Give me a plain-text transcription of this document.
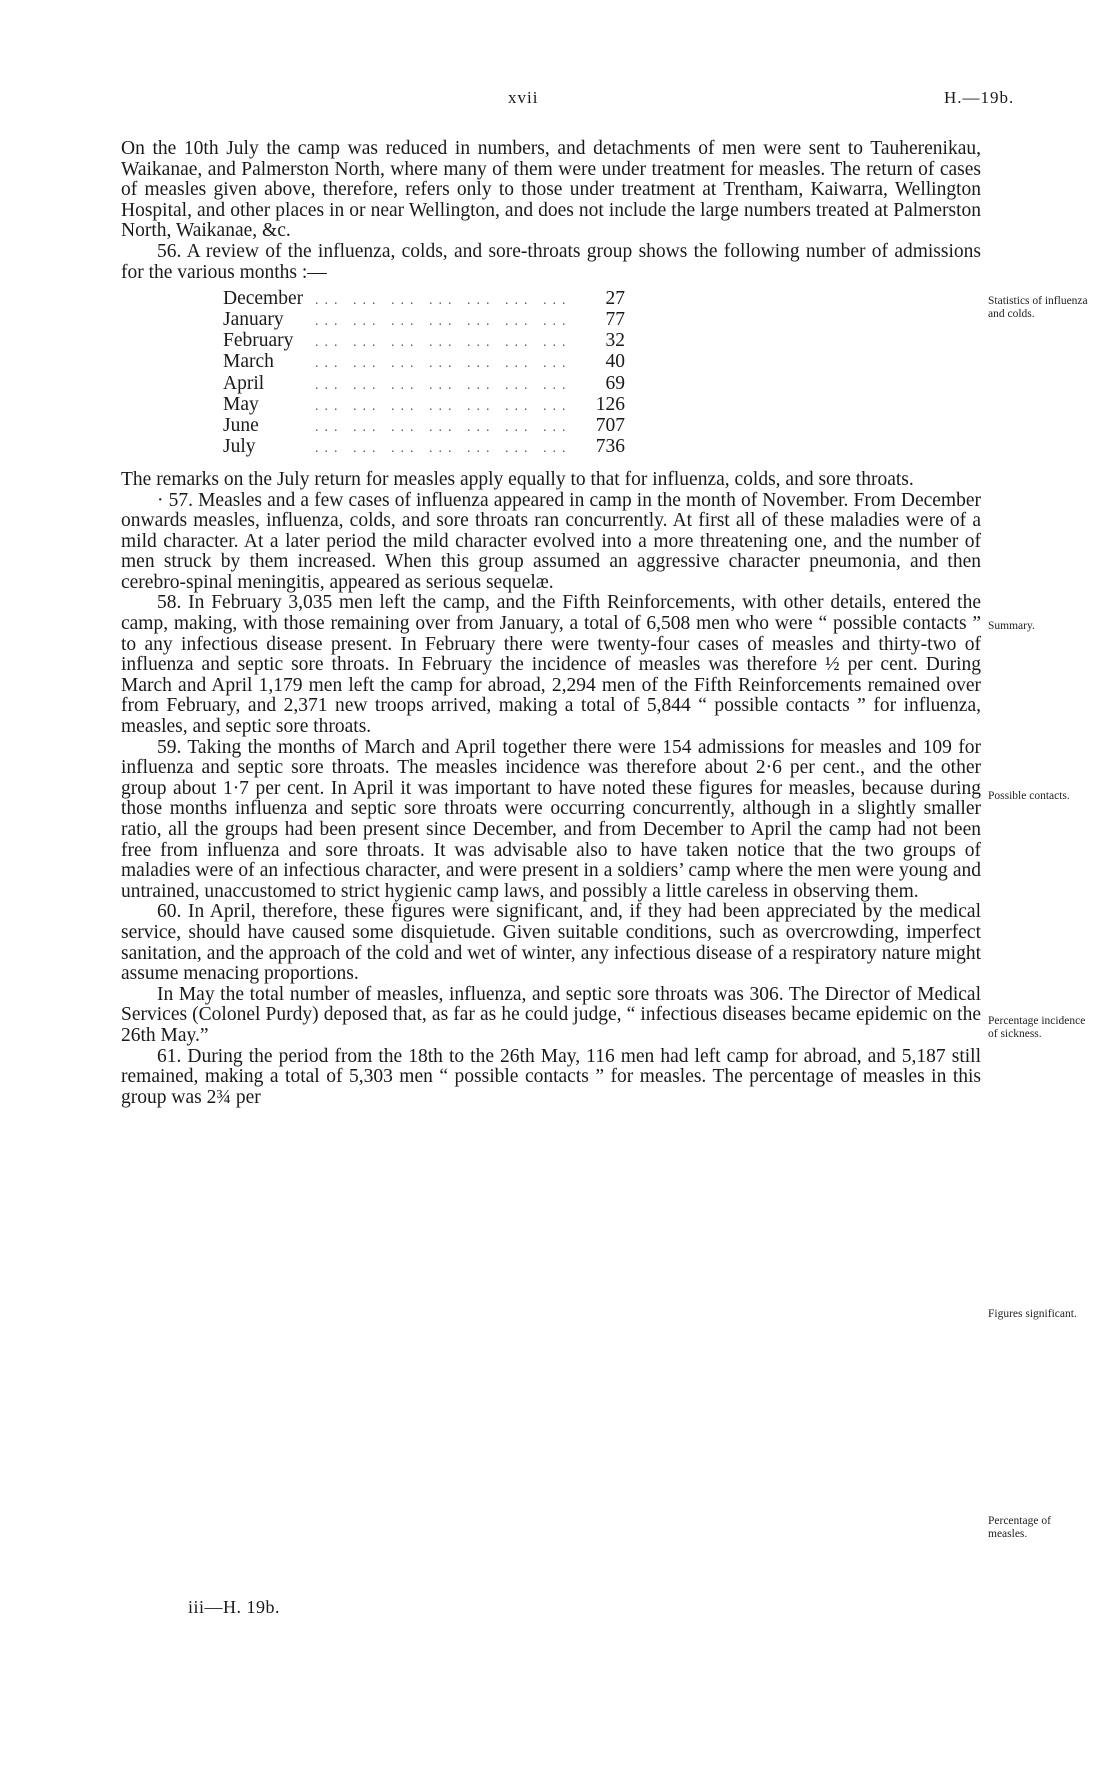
xvii	H.—19b.

On the 10th July the camp was reduced in numbers, and detachments of men were sent to Tauherenikau, Waikanae, and Palmerston North, where many of them were under treatment for measles. The return of cases of measles given above, therefore, refers only to those under treatment at Trentham, Kaiwarra, Wellington Hospital, and other places in or near Wellington, and does not include the large numbers treated at Palmerston North, Waikanae, &c.

56. A review of the influenza, colds, and sore-throats group shows the following number of admissions for the various months :—

December ... ... ... ... ... ... ...	27
January	... ... ... ... ... ... ...	77
February	... ... ... ... ... ... ...	32
March	... ... ... ... ... ... ...	40
April	... ... ... ... ... ... ...	69
May	... ... ... ... ... ... ...	126
June	... ... ... ... ... ... ...	707
July	... ... ... ... ... ... ...	736

The remarks on the July return for measles apply equally to that for influenza, colds, and sore throats.

· 57. Measles and a few cases of influenza appeared in camp in the month of November. From December onwards measles, influenza, colds, and sore throats ran concurrently. At first all of these maladies were of a mild character. At a later period the mild character evolved into a more threatening one, and the number of men struck by them increased. When this group assumed an aggressive character pneumonia, and then cerebro-spinal meningitis, appeared as serious sequelæ.

58. In February 3,035 men left the camp, and the Fifth Reinforcements, with other details, entered the camp, making, with those remaining over from January, a total of 6,508 men who were “ possible contacts ” to any infectious disease present. In February there were twenty-four cases of measles and thirty-two of influenza and septic sore throats. In February the incidence of measles was therefore ½ per cent. During March and April 1,179 men left the camp for abroad, 2,294 men of the Fifth Reinforcements remained over from February, and 2,371 new troops arrived, making a total of 5,844 “ possible contacts ” for influenza, measles, and septic sore throats.

59. Taking the months of March and April together there were 154 admissions for measles and 109 for influenza and septic sore throats. The measles incidence was therefore about 2·6 per cent., and the other group about 1·7 per cent. In April it was important to have noted these figures for measles, because during those months influenza and septic sore throats were occurring concurrently, although in a slightly smaller ratio, all the groups had been present since December, and from December to April the camp had not been free from influenza and sore throats. It was advisable also to have taken notice that the two groups of maladies were of an infectious character, and were present in a soldiers’ camp where the men were young and untrained, unaccustomed to strict hygienic camp laws, and possibly a little careless in observing them.

60. In April, therefore, these figures were significant, and, if they had been appreciated by the medical service, should have caused some disquietude. Given suitable conditions, such as overcrowding, imperfect sanitation, and the approach of the cold and wet of winter, any infectious disease of a respiratory nature might assume menacing proportions.

In May the total number of measles, influenza, and septic sore throats was 306. The Director of Medical Services (Colonel Purdy) deposed that, as far as he could judge, “ infectious diseases became epidemic on the 26th May.”

61. During the period from the 18th to the 26th May, 116 men had left camp for abroad, and 5,187 still remained, making a total of 5,303 men “ possible contacts ” for measles. The percentage of measles in this group was 2¾ per

Statistics of influenza and colds.
Summary.
Possible contacts.
Percentage incidence of sickness.
Figures significant.
Percentage of measles.
iii—H. 19b.
